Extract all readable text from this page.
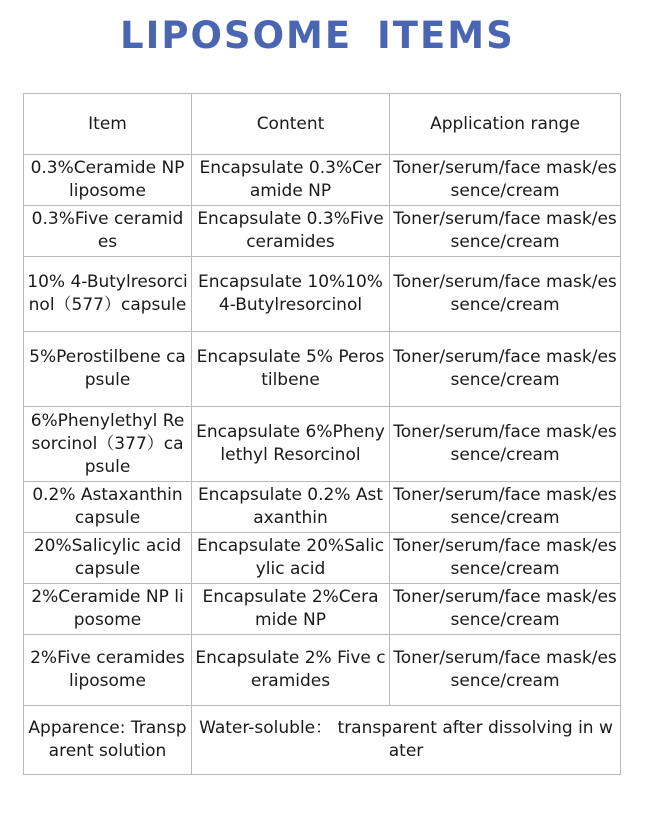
LIPOSOME ITEMS
Item	Content	Application range
0.3%Ceramide NP liposome	Encapsulate 0.3%Ceramide NP	Toner/serum/face mask/essence/cream
0.3%Five ceramides	Encapsulate 0.3%Five ceramides	Toner/serum/face mask/essence/cream
10% 4-Butylresorcinol（577）capsule	Encapsulate 10%10% 4-Butylresorcinol	Toner/serum/face mask/essence/cream
5%Perostilbene capsule	Encapsulate 5% Perostilbene	Toner/serum/face mask/essence/cream
6%Phenylethyl Resorcinol（377）capsule	Encapsulate 6%Phenylethyl Resorcinol	Toner/serum/face mask/essence/cream
0.2% Astaxanthin capsule	Encapsulate 0.2% Astaxanthin	Toner/serum/face mask/essence/cream
20%Salicylic acid capsule	Encapsulate 20%Salicylic acid	Toner/serum/face mask/essence/cream
2%Ceramide NP liposome	Encapsulate 2%Ceramide NP	Toner/serum/face mask/essence/cream
2%Five ceramides liposome	Encapsulate 2% Five ceramides	Toner/serum/face mask/essence/cream
Apparence: Transparent solution	Water-soluble： transparent after dissolving in water	
